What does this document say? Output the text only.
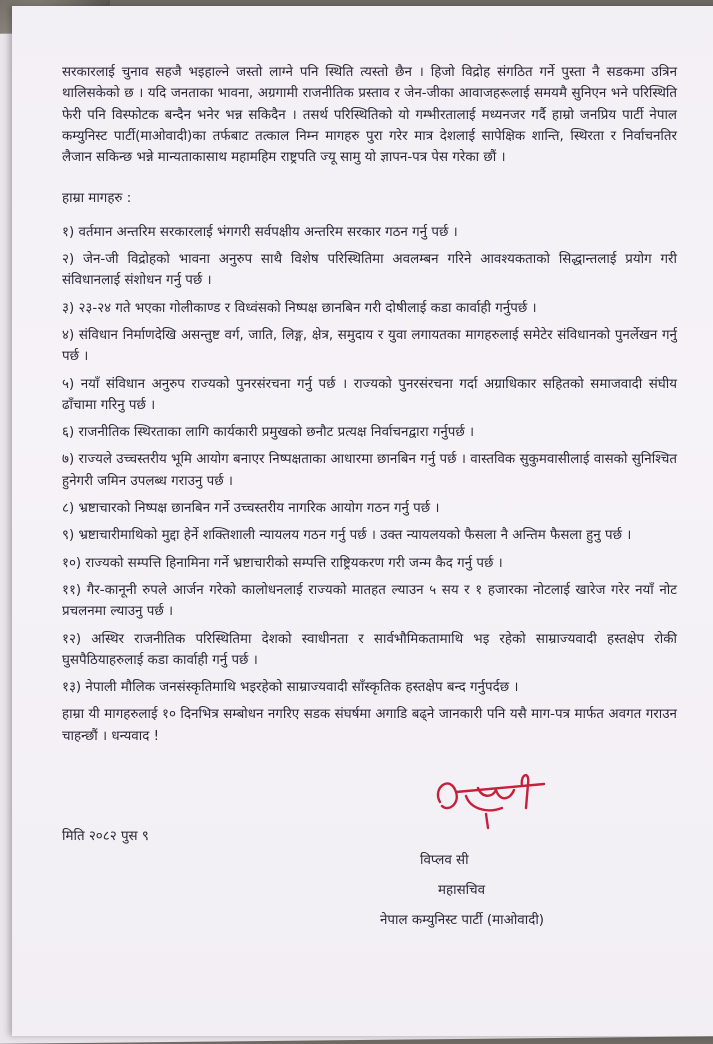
सरकारलाई चुनाव सहजै भइहाल्ने जस्तो लाग्ने पनि स्थिति त्यस्तो छैन । हिजो विद्रोह संगठित गर्ने पुस्ता नै सडकमा उत्रिन थालिसकेको छ । यदि जनताका भावना, अग्रगामी राजनीतिक प्रस्ताव र जेन-जीका आवाजहरूलाई समयमै सुनिएन भने परिस्थिति फेरी पनि विस्फोटक बन्दैन भनेर भन्न सकिदैन । तसर्थ परिस्थितिको यो गम्भीरतालाई मध्यनजर गर्दै हाम्रो जनप्रिय पार्टी नेपाल कम्युनिस्ट पार्टी(माओवादी)का तर्फबाट तत्काल निम्न मागहरु पुरा गरेर मात्र देशलाई सापेक्षिक शान्ति, स्थिरता र निर्वाचनतिर लैजान सकिन्छ भन्ने मान्यताकासाथ महामहिम राष्ट्रपति ज्यू सामु यो ज्ञापन-पत्र पेस गरेका छौं ।

हाम्रा मागहरु :

१) वर्तमान अन्तरिम सरकारलाई भंगगरी सर्वपक्षीय अन्तरिम सरकार गठन गर्नु पर्छ ।

२) जेन-जी विद्रोहको भावना अनुरुप साथै विशेष परिस्थितिमा अवलम्बन गरिने आवश्यकताको सिद्धान्तलाई प्रयोग गरी संविधानलाई संशोधन गर्नु पर्छ ।

३) २३-२४ गते भएका गोलीकाण्ड र विध्वंसको निष्पक्ष छानबिन गरी दोषीलाई कडा कार्वाही गर्नुपर्छ ।

४) संविधान निर्माणदेखि असन्तुष्ट वर्ग, जाति, लिङ्ग, क्षेत्र, समुदाय र युवा लगायतका मागहरुलाई समेटेर संविधानको पुनर्लेखन गर्नु पर्छ ।

५) नयाँ संविधान अनुरुप राज्यको पुनरसंरचना गर्नु पर्छ । राज्यको पुनरसंरचना गर्दा अग्राधिकार सहितको समाजवादी संघीय ढाँचामा गरिनु पर्छ ।

६) राजनीतिक स्थिरताका लागि कार्यकारी प्रमुखको छनौट प्रत्यक्ष निर्वाचनद्वारा गर्नुपर्छ ।

७) राज्यले उच्चस्तरीय भूमि आयोग बनाएर निष्पक्षताका आधारमा छानबिन गर्नु पर्छ । वास्तविक सुकुमवासीलाई वासको सुनिश्चित हुनेगरी जमिन उपलब्ध गराउनु पर्छ ।

८) भ्रष्टाचारको निष्पक्ष छानबिन गर्ने उच्चस्तरीय नागरिक आयोग गठन गर्नु पर्छ ।

९) भ्रष्टाचारीमाथिको मुद्दा हेर्ने शक्तिशाली न्यायलय गठन गर्नु पर्छ । उक्त न्यायलयको फैसला नै अन्तिम फैसला हुनु पर्छ ।

१०) राज्यको सम्पत्ति हिनामिना गर्ने भ्रष्टाचारीको सम्पत्ति राष्ट्रियकरण गरी जन्म कैद गर्नु पर्छ ।

११) गैर-कानूनी रुपले आर्जन गरेको कालोधनलाई राज्यको मातहत ल्याउन ५ सय र १ हजारका नोटलाई खारेज गरेर नयाँ नोट प्रचलनमा ल्याउनु पर्छ ।

१२) अस्थिर राजनीतिक परिस्थितिमा देशको स्वाधीनता र सार्वभौमिकतामाथि भइ रहेको साम्राज्यवादी हस्तक्षेप रोकी घुसपैठियाहरुलाई कडा कार्वाही गर्नु पर्छ ।

१३) नेपाली मौलिक जनसंस्कृतिमाथि भइरहेको साम्राज्यवादी साँस्कृतिक हस्तक्षेप बन्द गर्नुपर्दछ ।

हाम्रा यी मागहरुलाई १० दिनभित्र सम्बोधन नगरिए सडक संघर्षमा अगाडि बढ्ने जानकारी पनि यसै माग-पत्र मार्फत अवगत गराउन चाहन्छौं । धन्यवाद !

मिति २०८२ पुस ९
विप्लव सी
महासचिव
नेपाल कम्युनिस्ट पार्टी (माओवादी)
